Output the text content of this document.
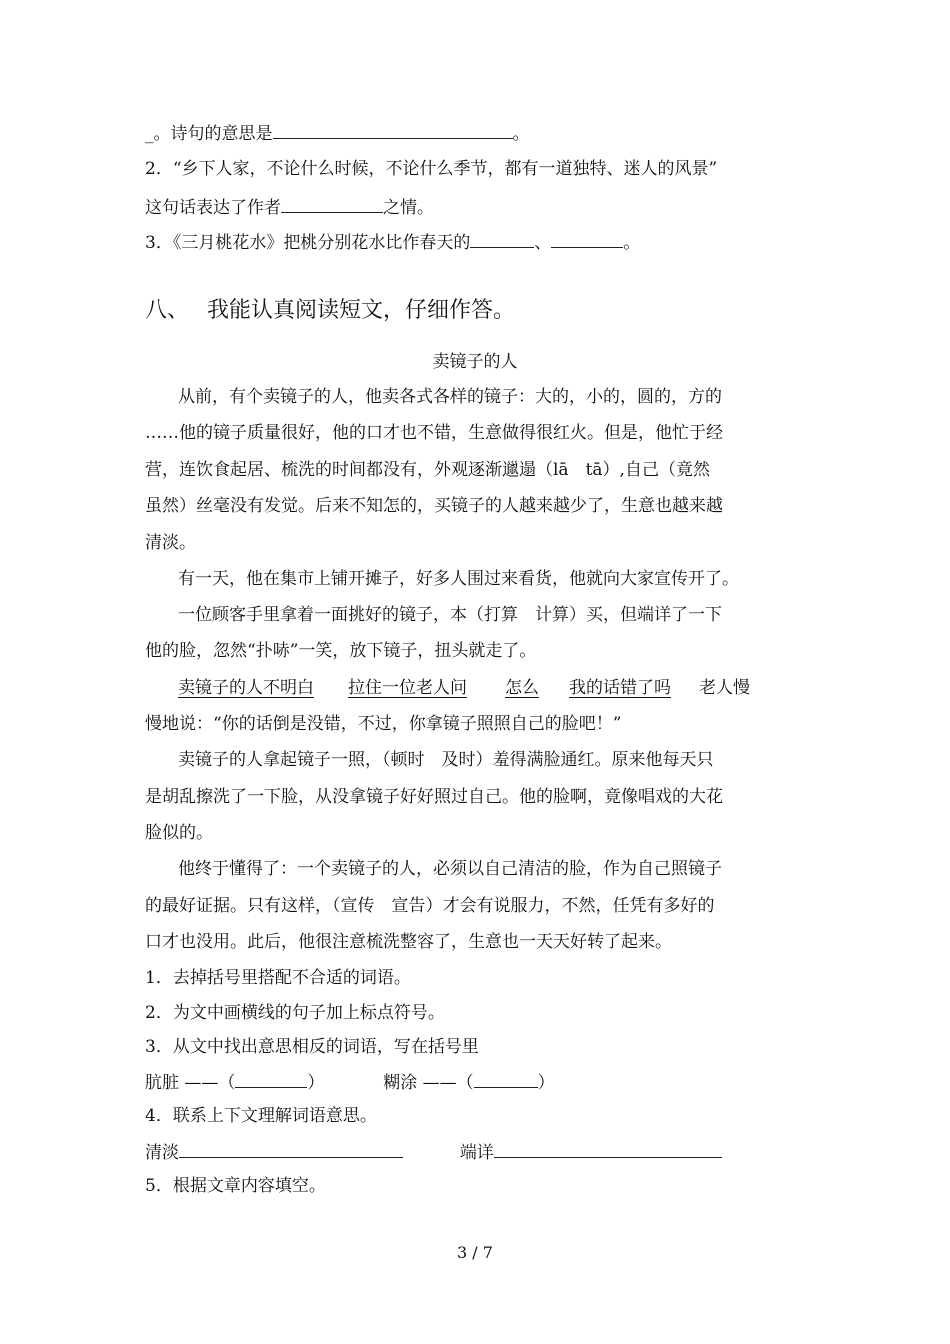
_。诗句的意思是	。
2．“乡下人家，不论什么时候，不论什么季节，都有一道独特、迷人的风景”
这句话表达了作者	之情。
3．《三月桃花水》把桃分别花水比作春天的	、	。
八、 我能认真阅读短文，仔细作答。
卖镜子的人
从前，有个卖镜子的人，他卖各式各样的镜子：大的，小的，圆的，方的
……他的镜子质量很好，他的口才也不错，生意做得很红火。但是，他忙于经
营，连饮食起居、梳洗的时间都没有，外观逐渐邋遢（lā　tā）,自己（竟然
虽然）丝毫没有发觉。后来不知怎的，买镜子的人越来越少了，生意也越来越
清淡。
有一天，他在集市上铺开摊子，好多人围过来看货，他就向大家宣传开了。
一位顾客手里拿着一面挑好的镜子，本（打算　计算）买，但端详了一下
他的脸，忽然“扑哧”一笑，放下镜子，扭头就走了。
卖镜子的人不明白 拉住一位老人问 怎么 我的话错了吗 老人慢
慢地说：“你的话倒是没错，不过，你拿镜子照照自己的脸吧！”
卖镜子的人拿起镜子一照，（顿时　及时）羞得满脸通红。原来他每天只
是胡乱擦洗了一下脸，从没拿镜子好好照过自己。他的脸啊，竟像唱戏的大花
脸似的。
他终于懂得了：一个卖镜子的人，必须以自己清洁的脸，作为自己照镜子
的最好证据。只有这样，（宣传　宣告）才会有说服力，不然，任凭有多好的
口才也没用。此后，他很注意梳洗整容了，生意也一天天好转了起来。
1．去掉括号里搭配不合适的词语。
2．为文中画横线的句子加上标点符号。
3．从文中找出意思相反的词语，写在括号里
肮脏 ——（	）	糊涂 ——（	）
4．联系上下文理解词语意思。
清淡	端详
5．根据文章内容填空。
3 / 7
